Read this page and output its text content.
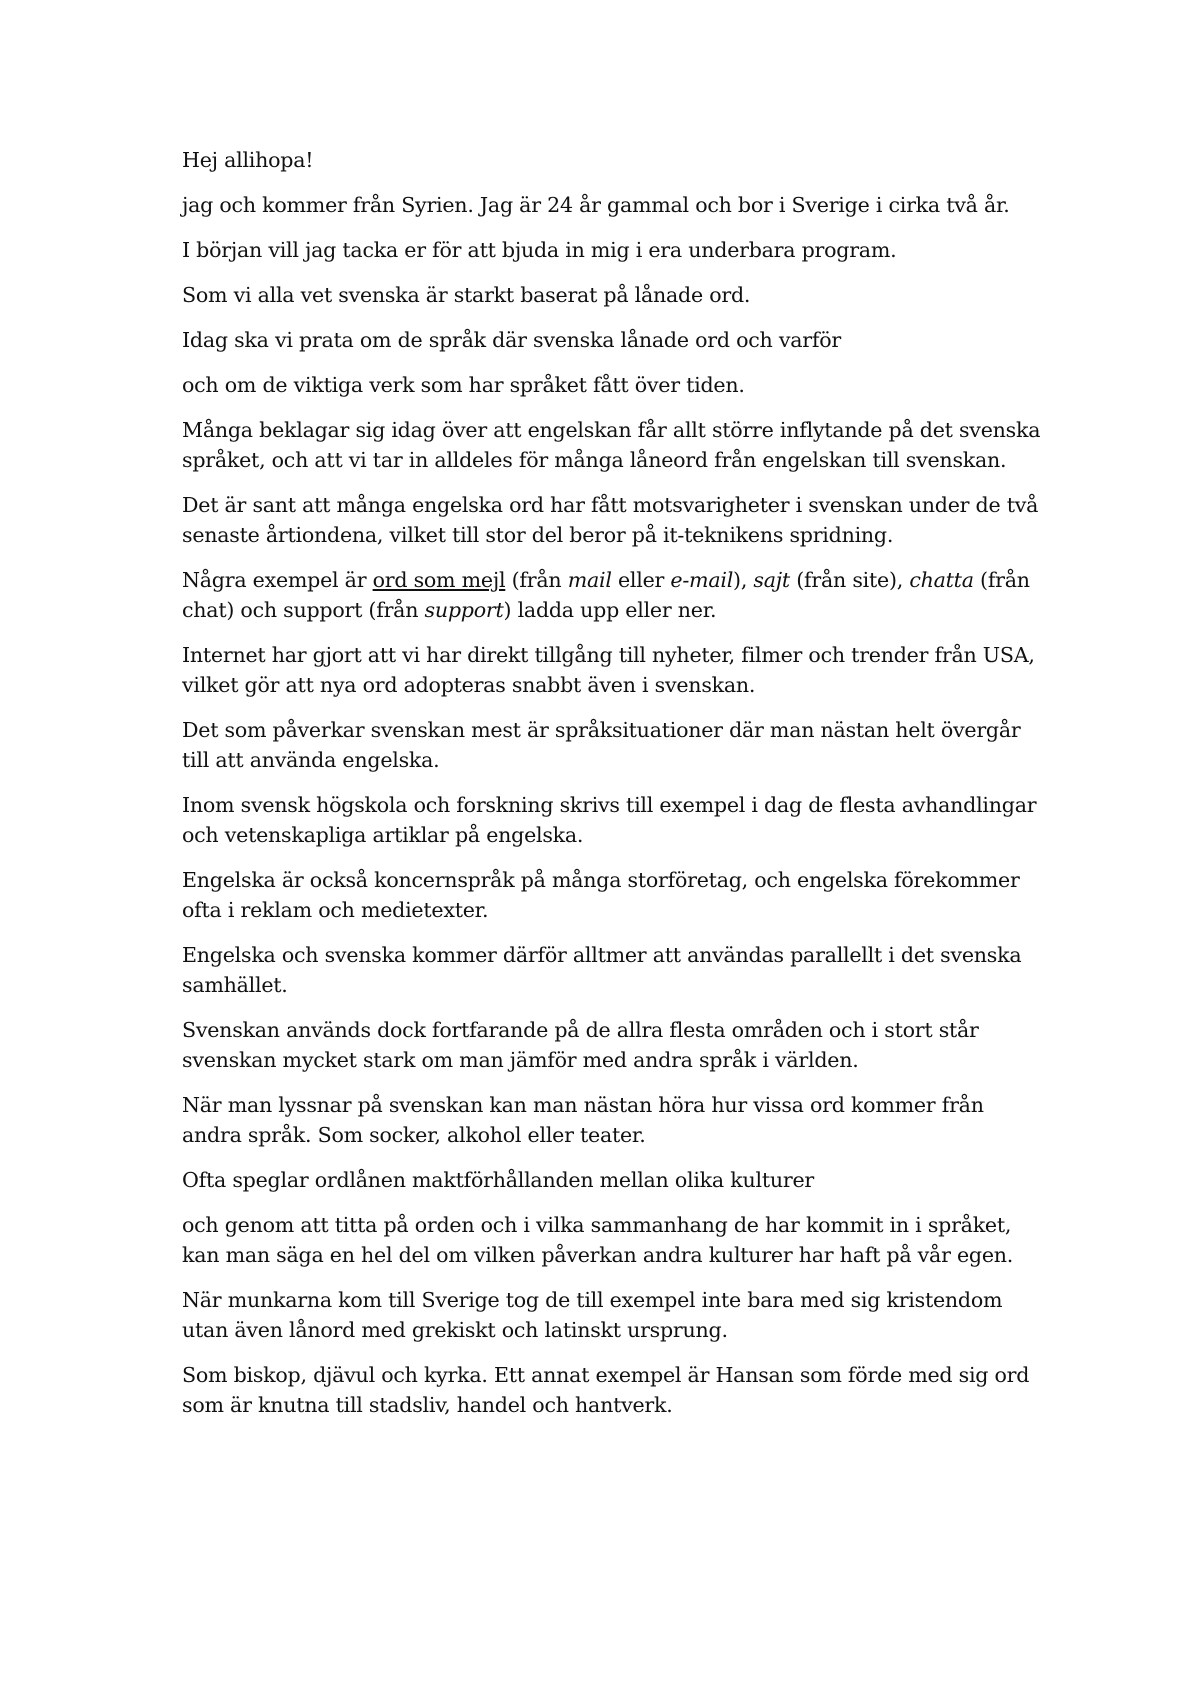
Hej allihopa!

jag och kommer från Syrien. Jag är 24 år gammal och bor i Sverige i cirka två år.

I början vill jag tacka er för att bjuda in mig i era underbara program.

Som vi alla vet svenska är starkt baserat på lånade ord.

Idag ska vi prata om de språk där svenska lånade ord och varför

och om de viktiga verk som har språket fått över tiden.

Många beklagar sig idag över att engelskan får allt större inflytande på det svenska språket, och att vi tar in alldeles för många låneord från engelskan till svenskan.

Det är sant att många engelska ord har fått motsvarigheter i svenskan under de två senaste årtiondena, vilket till stor del beror på it-teknikens spridning.

Några exempel är ord som mejl (från mail eller e-mail), sajt (från site), chatta (från chat) och support (från support) ladda upp eller ner.

Internet har gjort att vi har direkt tillgång till nyheter, filmer och trender från USA, vilket gör att nya ord adopteras snabbt även i svenskan.

Det som påverkar svenskan mest är språksituationer där man nästan helt övergår till att använda engelska.

Inom svensk högskola och forskning skrivs till exempel i dag de flesta avhandlingar och vetenskapliga artiklar på engelska.

Engelska är också koncernspråk på många storföretag, och engelska förekommer ofta i reklam och medietexter.

Engelska och svenska kommer därför alltmer att användas parallellt i det svenska samhället.

Svenskan används dock fortfarande på de allra flesta områden och i stort står svenskan mycket stark om man jämför med andra språk i världen.

När man lyssnar på svenskan kan man nästan höra hur vissa ord kommer från andra språk. Som socker, alkohol eller teater.

Ofta speglar ordlånen maktförhållanden mellan olika kulturer

och genom att titta på orden och i vilka sammanhang de har kommit in i språket, kan man säga en hel del om vilken påverkan andra kulturer har haft på vår egen.

När munkarna kom till Sverige tog de till exempel inte bara med sig kristendom utan även lånord med grekiskt och latinskt ursprung.

Som biskop, djävul och kyrka. Ett annat exempel är Hansan som förde med sig ord som är knutna till stadsliv, handel och hantverk.
